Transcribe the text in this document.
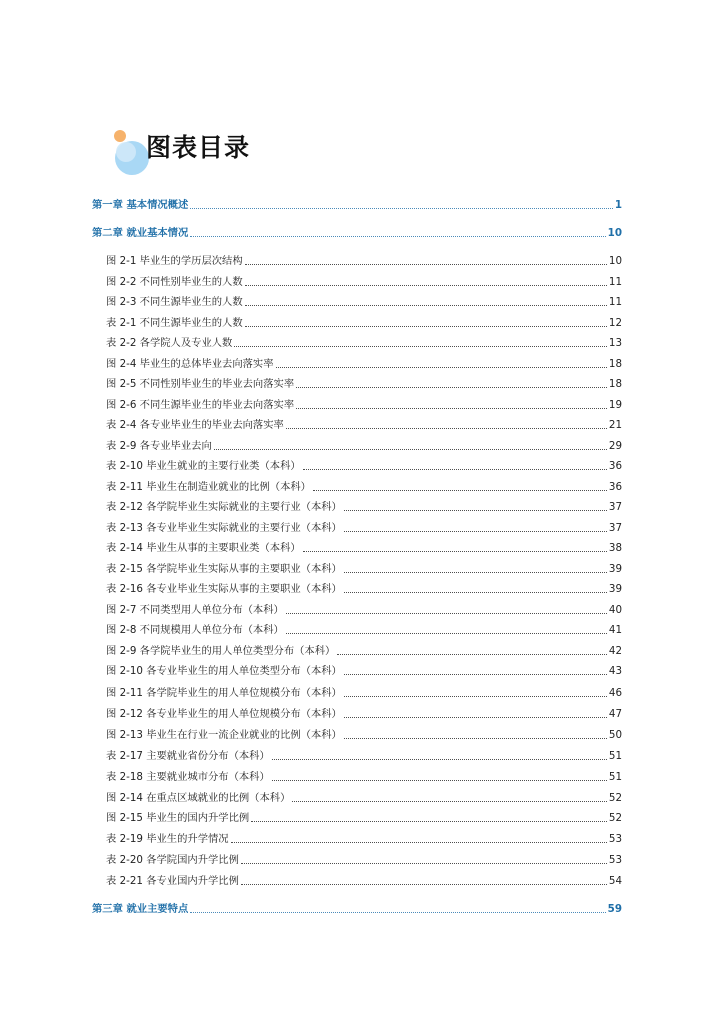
图表目录
第一章 基本情况概述	1
第二章 就业基本情况	10
图 2-1 毕业生的学历层次结构	10
图 2-2 不同性别毕业生的人数	11
图 2-3 不同生源毕业生的人数	11
表 2-1 不同生源毕业生的人数	12
表 2-2 各学院人及专业人数	13
图 2-4 毕业生的总体毕业去向落实率	18
图 2-5 不同性别毕业生的毕业去向落实率	18
图 2-6 不同生源毕业生的毕业去向落实率	19
表 2-4 各专业毕业生的毕业去向落实率	21
表 2-9 各专业毕业去向	29
表 2-10 毕业生就业的主要行业类（本科）	36
表 2-11 毕业生在制造业就业的比例（本科）	36
表 2-12 各学院毕业生实际就业的主要行业（本科）	37
表 2-13 各专业毕业生实际就业的主要行业（本科）	37
表 2-14 毕业生从事的主要职业类（本科）	38
表 2-15 各学院毕业生实际从事的主要职业（本科）	39
表 2-16 各专业毕业生实际从事的主要职业（本科）	39
图 2-7 不同类型用人单位分布（本科）	40
图 2-8 不同规模用人单位分布（本科）	41
图 2-9 各学院毕业生的用人单位类型分布（本科）	42
图 2-10 各专业毕业生的用人单位类型分布（本科）	43
图 2-11 各学院毕业生的用人单位规模分布（本科）	46
图 2-12 各专业毕业生的用人单位规模分布（本科）	47
图 2-13 毕业生在行业一流企业就业的比例（本科）	50
表 2-17 主要就业省份分布（本科）	51
表 2-18 主要就业城市分布（本科）	51
图 2-14 在重点区域就业的比例（本科）	52
图 2-15 毕业生的国内升学比例	52
表 2-19 毕业生的升学情况	53
表 2-20 各学院国内升学比例	53
表 2-21 各专业国内升学比例	54
第三章 就业主要特点	59
